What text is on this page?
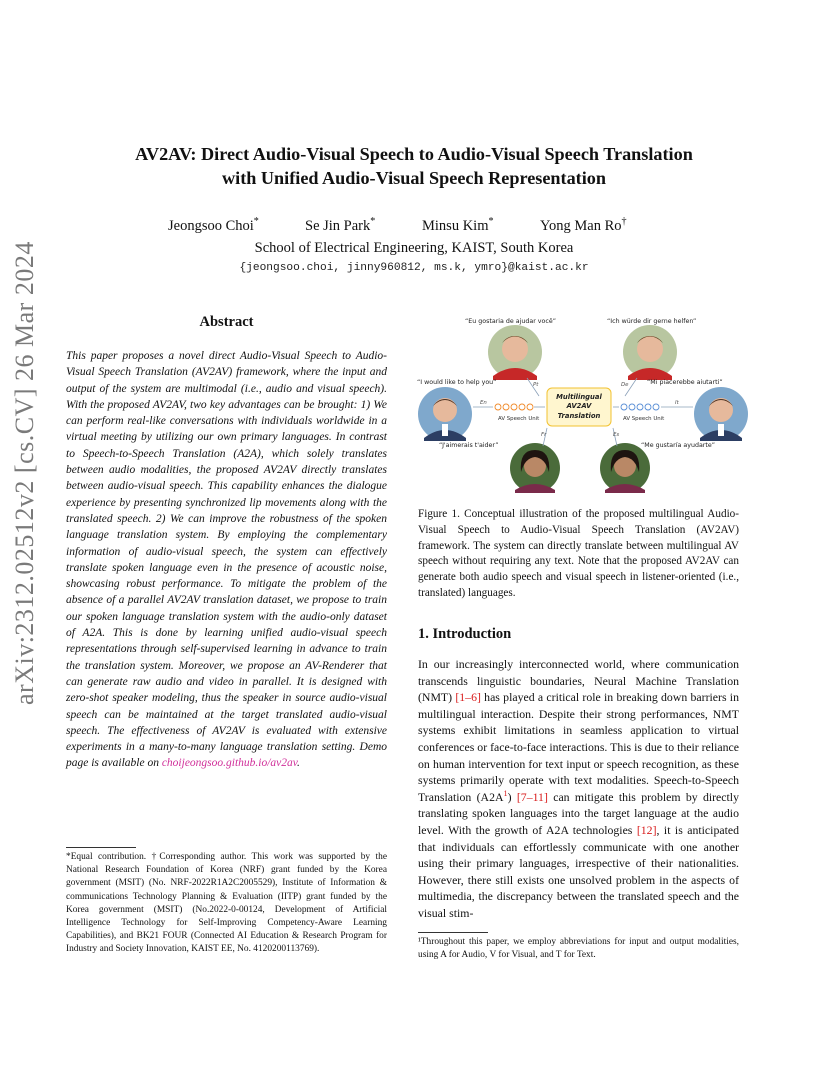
arXiv:2312.02512v2 [cs.CV] 26 Mar 2024
AV2AV: Direct Audio-Visual Speech to Audio-Visual Speech Translation
with Unified Audio-Visual Speech Representation
Jeongsoo Choi*	Se Jin Park*	Minsu Kim*	Yong Man Ro†
School of Electrical Engineering, KAIST, South Korea
{jeongsoo.choi, jinny960812, ms.k, ymro}@kaist.ac.kr
Abstract
This paper proposes a novel direct Audio-Visual Speech to Audio-Visual Speech Translation (AV2AV) framework, where the input and output of the system are multimodal (i.e., audio and visual speech). With the proposed AV2AV, two key advantages can be brought: 1) We can perform real-like conversations with individuals worldwide in a virtual meeting by utilizing our own primary languages. In contrast to Speech-to-Speech Translation (A2A), which solely translates between audio modalities, the proposed AV2AV directly translates between audio-visual speech. This capability enhances the dialogue experience by presenting synchronized lip movements along with the translated speech. 2) We can improve the robustness of the spoken language translation system. By employing the complementary information of audio-visual speech, the system can effectively translate spoken language even in the presence of acoustic noise, showcasing robust performance. To mitigate the problem of the absence of a parallel AV2AV translation dataset, we propose to train our spoken language translation system with the audio-only dataset of A2A. This is done by learning unified audio-visual speech representations through self-supervised learning in advance to train the translation system. Moreover, we propose an AV-Renderer that can generate raw audio and video in parallel. It is designed with zero-shot speaker modeling, thus the speaker in source audio-visual speech can be maintained at the target translated audio-visual speech. The effectiveness of AV2AV is evaluated with extensive experiments in a many-to-many language translation setting. Demo page is available on choijeongsoo.github.io/av2av.
*Equal contribution. †Corresponding author. This work was supported by the National Research Foundation of Korea (NRF) grant funded by the Korea government (MSIT) (No. NRF-2022R1A2C2005529), Institute of Information & communications Technology Planning & Evaluation (IITP) grant funded by the Korea government (MSIT) (No.2022-0-00124, Development of Artificial Intelligence Technology for Self-Improving Competency-Aware Learning Capabilities), and BK21 FOUR (Connected AI Education & Research Program for Industry and Society Innovation, KAIST EE, No. 4120200113769).
“Eu gostaria de ajudar você”	“Ich würde dir gerne helfen”
“I would like to help you”	“Mi piacerebbe aiutarti”
“J'aimerais t'aider”	“Me gustaría ayudarte”
Multilingual
AV2AV
Translation
AV Speech Unit	AV Speech Unit
Pt	De
En	It
Fr	Es
Figure 1. Conceptual illustration of the proposed multilingual Audio-Visual Speech to Audio-Visual Speech Translation (AV2AV) framework. The system can directly translate between multilingual AV speech without requiring any text. Note that the proposed AV2AV can generate both audio speech and visual speech in listener-oriented (i.e., translated) languages.
1. Introduction
In our increasingly interconnected world, where communication transcends linguistic boundaries, Neural Machine Translation (NMT) [1–6] has played a critical role in breaking down barriers in multilingual interaction. Despite their strong performances, NMT systems exhibit limitations in seamless application to virtual conferences or face-to-face interactions. This is due to their reliance on human intervention for text input or speech recognition, as these systems primarily operate with text modalities. Speech-to-Speech Translation (A2A$^1$) [7–11] can mitigate this problem by directly translating spoken languages into the target language at the audio level. With the growth of A2A technologies [12], it is anticipated that individuals can effortlessly communicate with one another using their primary languages, irrespective of their nationalities. However, there still exists one unsolved problem in the aspects of multimedia, the discrepancy between the translated speech and the visual stim-
¹Throughout this paper, we employ abbreviations for input and output modalities, using A for Audio, V for Visual, and T for Text.
